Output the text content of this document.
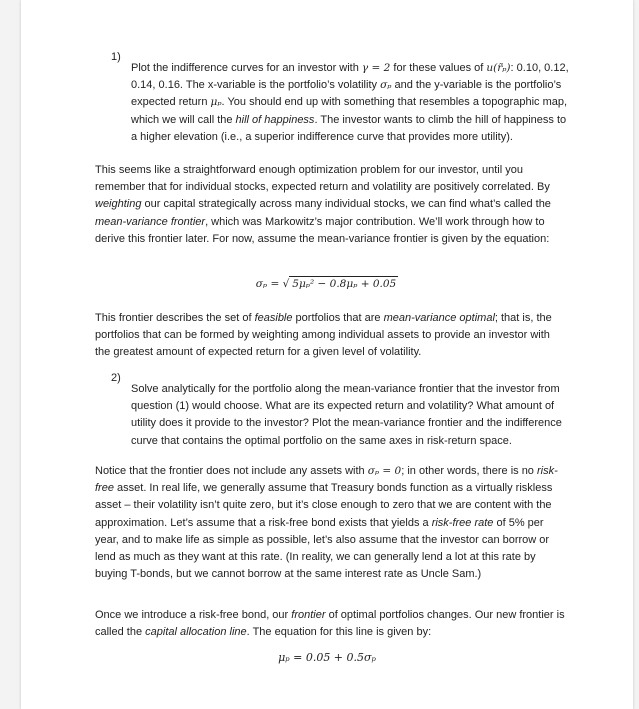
1)

Plot the indifference curves for an investor with γ = 2 for these values of u(r̃ₚ): 0.10, 0.12, 0.14, 0.16. The x-variable is the portfolio’s volatility σₚ and the y-variable is the portfolio’s expected return μₚ. You should end up with something that resembles a topographic map, which we will call the hill of happiness. The investor wants to climb the hill of happiness to a higher elevation (i.e., a superior indifference curve that provides more utility).

This seems like a straightforward enough optimization problem for our investor, until you remember that for individual stocks, expected return and volatility are positively correlated. By weighting our capital strategically across many individual stocks, we can find what’s called the mean-variance frontier, which was Markowitz’s major contribution. We’ll work through how to derive this frontier later. For now, assume the mean-variance frontier is given by the equation:

σₚ = √ 5μₚ² − 0.8μₚ + 0.05

This frontier describes the set of feasible portfolios that are mean-variance optimal; that is, the portfolios that can be formed by weighting among individual assets to provide an investor with the greatest amount of expected return for a given level of volatility.

2)

Solve analytically for the portfolio along the mean-variance frontier that the investor from question (1) would choose. What are its expected return and volatility? What amount of utility does it provide to the investor? Plot the mean-variance frontier and the indifference curve that contains the optimal portfolio on the same axes in risk-return space.

Notice that the frontier does not include any assets with σₚ = 0; in other words, there is no risk-free asset. In real life, we generally assume that Treasury bonds function as a virtually riskless asset – their volatility isn’t quite zero, but it’s close enough to zero that we are content with the approximation. Let’s assume that a risk-free bond exists that yields a risk-free rate of 5% per year, and to make life as simple as possible, let’s also assume that the investor can borrow or lend as much as they want at this rate. (In reality, we can generally lend a lot at this rate by buying T-bonds, but we cannot borrow at the same interest rate as Uncle Sam.)

Once we introduce a risk-free bond, our frontier of optimal portfolios changes. Our new frontier is called the capital allocation line. The equation for this line is given by:

μₚ = 0.05 + 0.5σₚ
